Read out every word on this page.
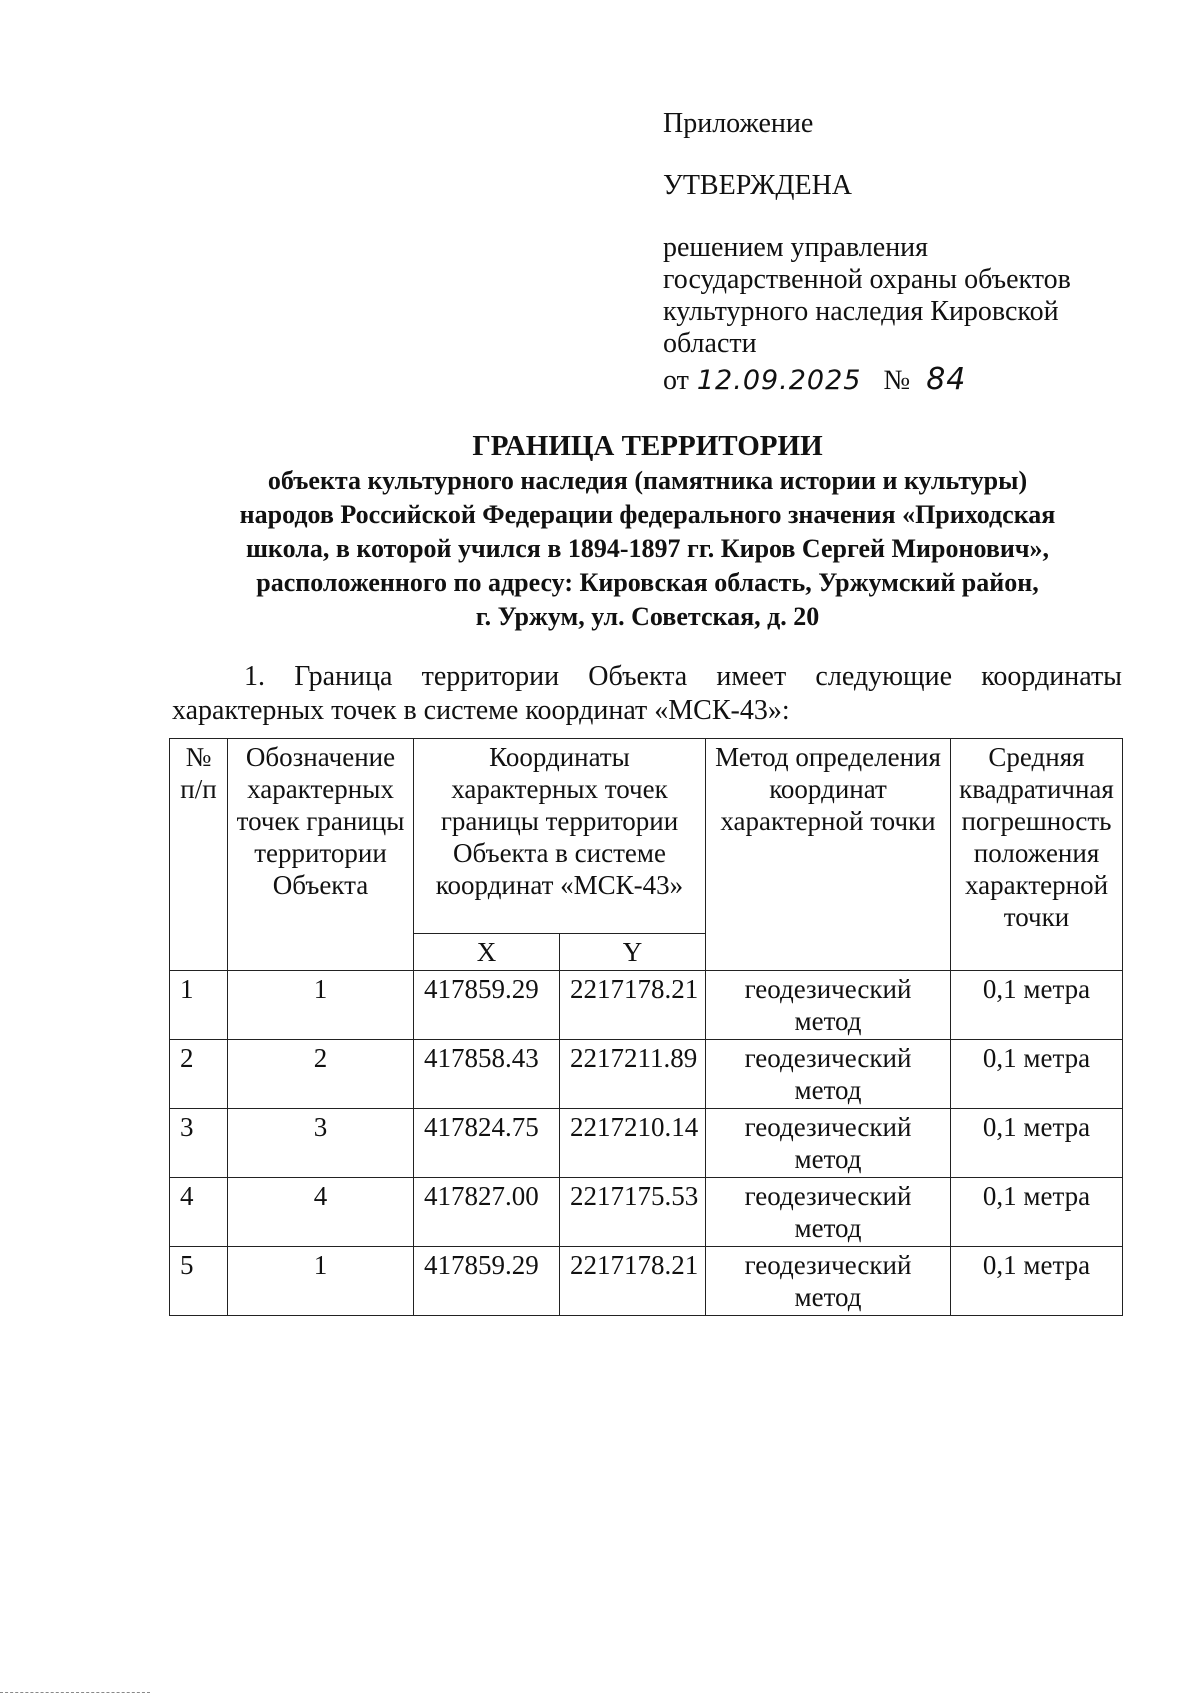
Приложение
УТВЕРЖДЕНА
решением управления
государственной охраны объектов
культурного наследия Кировской
области
от 12.09.2025 № 84
ГРАНИЦА ТЕРРИТОРИИ
объекта культурного наследия (памятника истории и культуры)
народов Российской Федерации федерального значения «Приходская
школа, в которой учился в 1894-1897 гг. Киров Сергей Миронович»,
расположенного по адресу: Кировская область, Уржумский район,
г. Уржум, ул. Советская, д. 20
1. Граница территории Объекта имеет следующие координаты характерных точек в системе координат «МСК-43»:
№ п/п	Обозначение характерных точек границы территории Объекта	Координаты характерных точек границы территории Объекта в системе координат «МСК-43»		Метод определения координат характерной точки	Средняя квадратичная погрешность положения характерной точки
		X	Y		
1	1	417859.29	2217178.21	геодезический метод	0,1 метра
2	2	417858.43	2217211.89	геодезический метод	0,1 метра
3	3	417824.75	2217210.14	геодезический метод	0,1 метра
4	4	417827.00	2217175.53	геодезический метод	0,1 метра
5	1	417859.29	2217178.21	геодезический метод	0,1 метра
